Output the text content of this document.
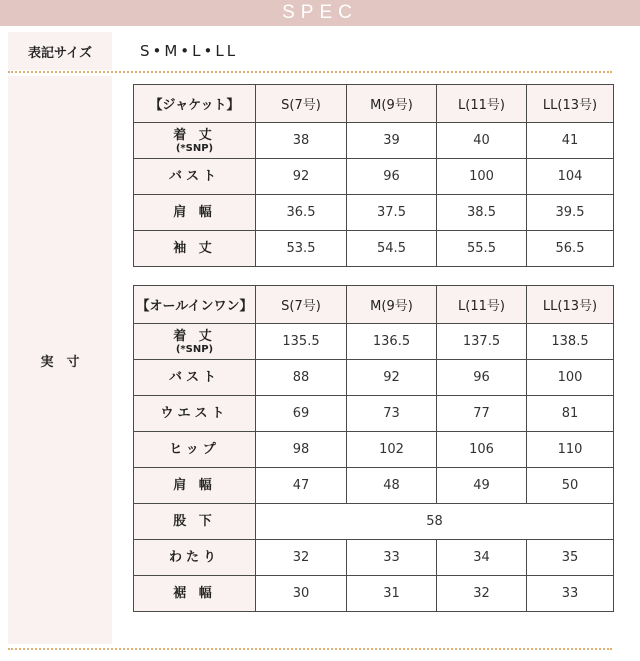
SPEC
表記サイズ	S•M•L•LL
実　寸
【ジャケット】	S(7号)	M(9号)	L(11号)	LL(13号)

着 丈
(*SNP)	38	39	40	41

バスト	92	96	100	104

肩 幅	36.5	37.5	38.5	39.5

袖 丈	53.5	54.5	55.5	56.5
【オールインワン】	S(7号)	M(9号)	L(11号)	LL(13号)

着 丈
(*SNP)	135.5	136.5	137.5	138.5

バスト	88	92	96	100

ウエスト	69	73	77	81

ヒップ	98	102	106	110

肩 幅	47	48	49	50

股 下	58			

わたり	32	33	34	35

裾 幅	30	31	32	33
